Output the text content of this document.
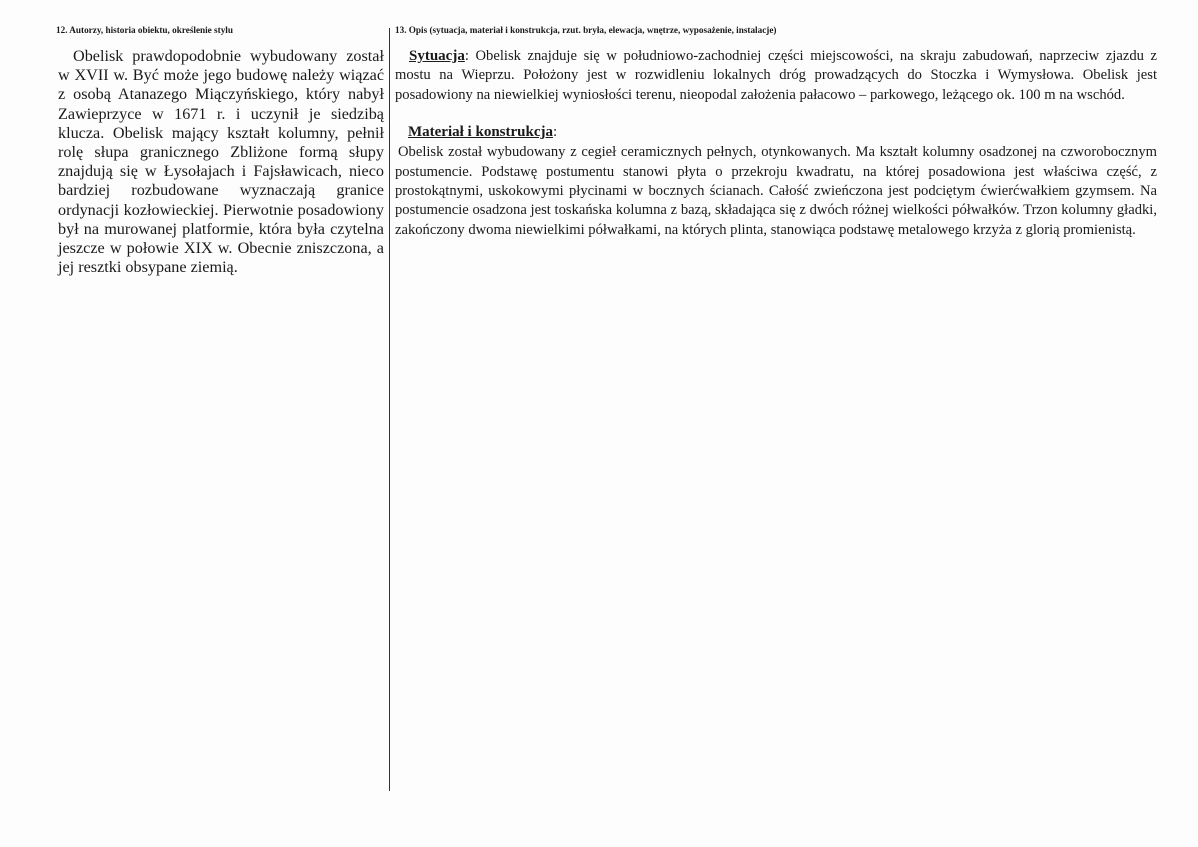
12. Autorzy, historia obiektu, określenie stylu

Obelisk prawdopodobnie wybudowany został w XVII w. Być może jego budowę należy wiązać z osobą Atanazego Miączyńskiego, który nabył Zawieprzyce w 1671 r. i uczynił je siedzibą klucza. Obelisk mający kształt kolumny, pełnił rolę słupa granicznego Zbliżone formą słupy znajdują się w Łysołajach i Fajsławicach, nieco bardziej rozbudowane wyznaczają granice ordynacji kozłowieckiej. Pierwotnie posadowiony był na murowanej platformie, która była czytelna jeszcze w połowie XIX w. Obecnie zniszczona, a jej resztki obsypane ziemią.

13. Opis (sytuacja, materiał i konstrukcja, rzut. bryła, elewacja, wnętrze, wyposażenie, instalacje)

Sytuacja: Obelisk znajduje się w południowo-zachodniej części miejscowości, na skraju zabudowań, naprzeciw zjazdu z mostu na Wieprzu. Położony jest w rozwidleniu lokalnych dróg prowadzących do Stoczka i Wymysłowa. Obelisk jest posadowiony na niewielkiej wyniosłości terenu, nieopodal założenia pałacowo – parkowego, leżącego ok. 100 m na wschód.

Materiał i konstrukcja:

Obelisk został wybudowany z cegieł ceramicznych pełnych, otynkowanych. Ma kształt kolumny osadzonej na czworobocznym postumencie. Podstawę postumentu stanowi płyta o przekroju kwadratu, na której posadowiona jest właściwa część, z prostokątnymi, uskokowymi płycinami w bocznych ścianach. Całość zwieńczona jest podciętym ćwierćwałkiem gzymsem. Na postumencie osadzona jest toskańska kolumna z bazą, składająca się z dwóch różnej wielkości półwałków. Trzon kolumny gładki, zakończony dwoma niewielkimi półwałkami, na których plinta, stanowiąca podstawę metalowego krzyża z glorią promienistą.
